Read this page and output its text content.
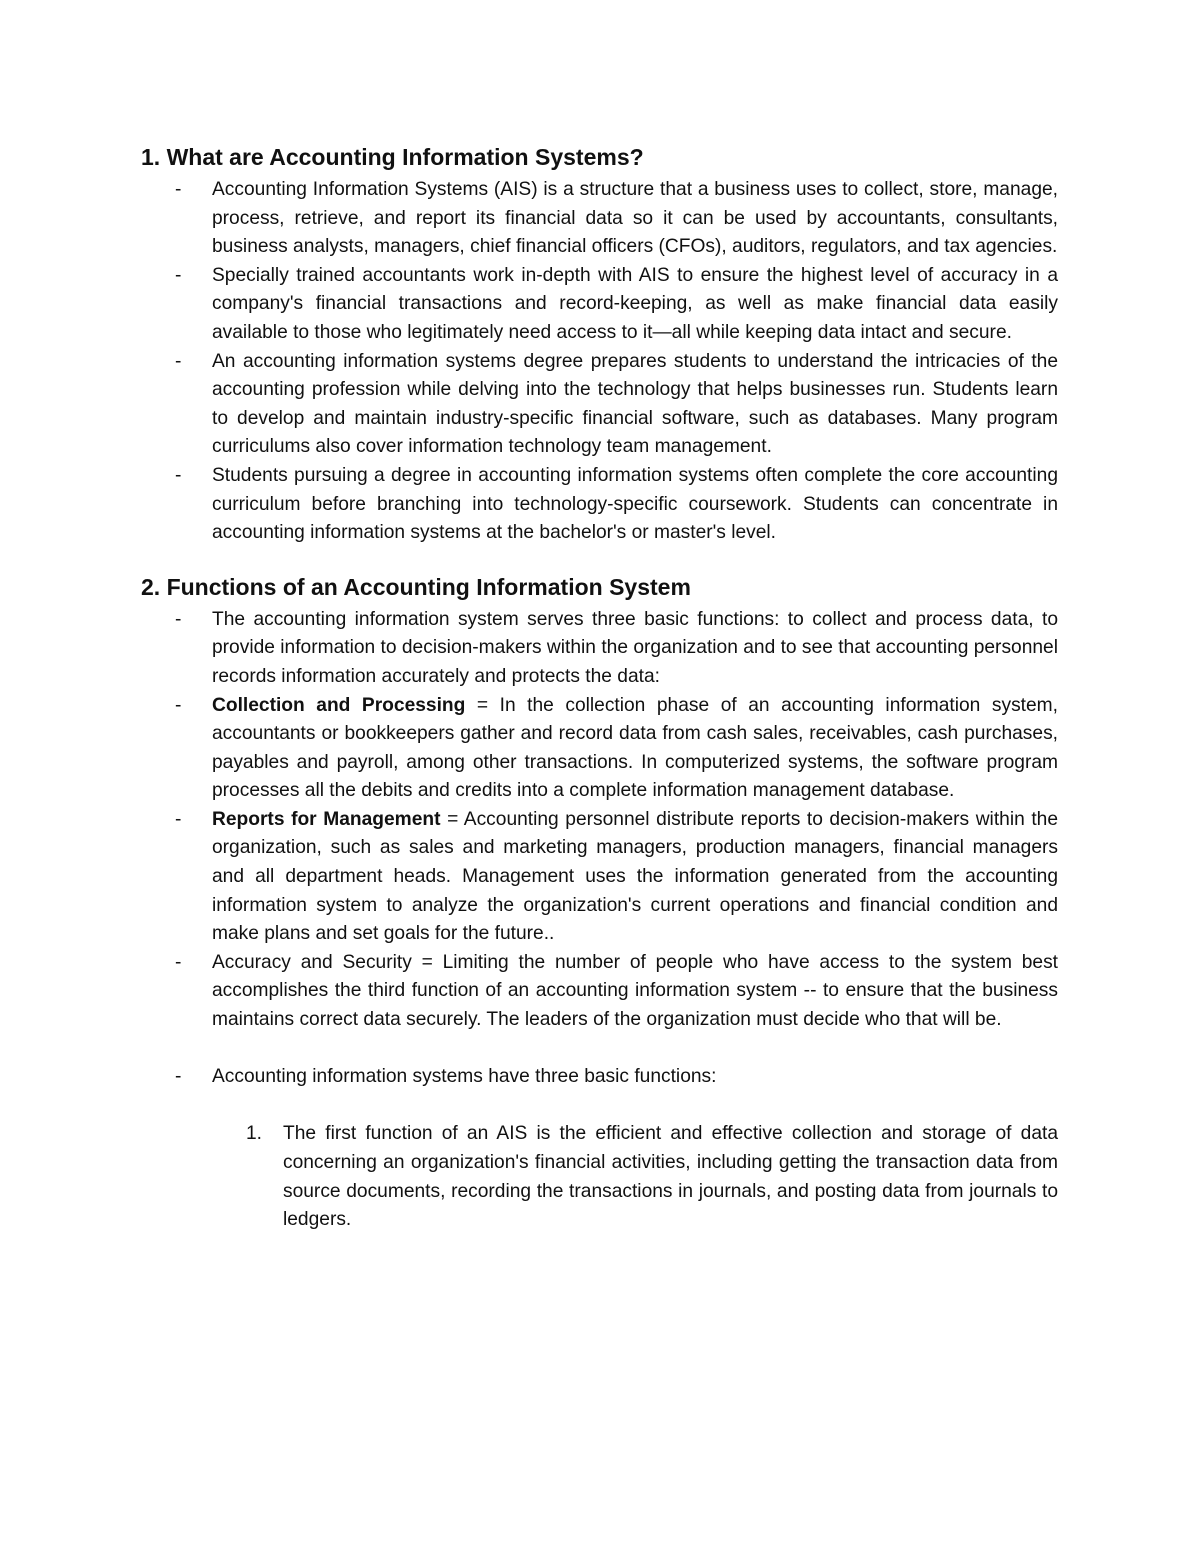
1. What are Accounting Information Systems?
- Accounting Information Systems (AIS) is a structure that a business uses to collect, store, manage, process, retrieve, and report its financial data so it can be used by accountants, consultants, business analysts, managers, chief financial officers (CFOs), auditors, regulators, and tax agencies.
- Specially trained accountants work in-depth with AIS to ensure the highest level of accuracy in a company's financial transactions and record-keeping, as well as make financial data easily available to those who legitimately need access to it—all while keeping data intact and secure.
- An accounting information systems degree prepares students to understand the intricacies of the accounting profession while delving into the technology that helps businesses run. Students learn to develop and maintain industry-specific financial software, such as databases. Many program curriculums also cover information technology team management.
- Students pursuing a degree in accounting information systems often complete the core accounting curriculum before branching into technology-specific coursework. Students can concentrate in accounting information systems at the bachelor's or master's level.
2. Functions of an Accounting Information System
- The accounting information system serves three basic functions: to collect and process data, to provide information to decision-makers within the organization and to see that accounting personnel records information accurately and protects the data:
- Collection and Processing = In the collection phase of an accounting information system, accountants or bookkeepers gather and record data from cash sales, receivables, cash purchases, payables and payroll, among other transactions. In computerized systems, the software program processes all the debits and credits into a complete information management database.
- Reports for Management = Accounting personnel distribute reports to decision-makers within the organization, such as sales and marketing managers, production managers, financial managers and all department heads. Management uses the information generated from the accounting information system to analyze the organization's current operations and financial condition and make plans and set goals for the future..
- Accuracy and Security = Limiting the number of people who have access to the system best accomplishes the third function of an accounting information system -- to ensure that the business maintains correct data securely. The leaders of the organization must decide who that will be.
- Accounting information systems have three basic functions:
1. The first function of an AIS is the efficient and effective collection and storage of data concerning an organization's financial activities, including getting the transaction data from source documents, recording the transactions in journals, and posting data from journals to ledgers.
